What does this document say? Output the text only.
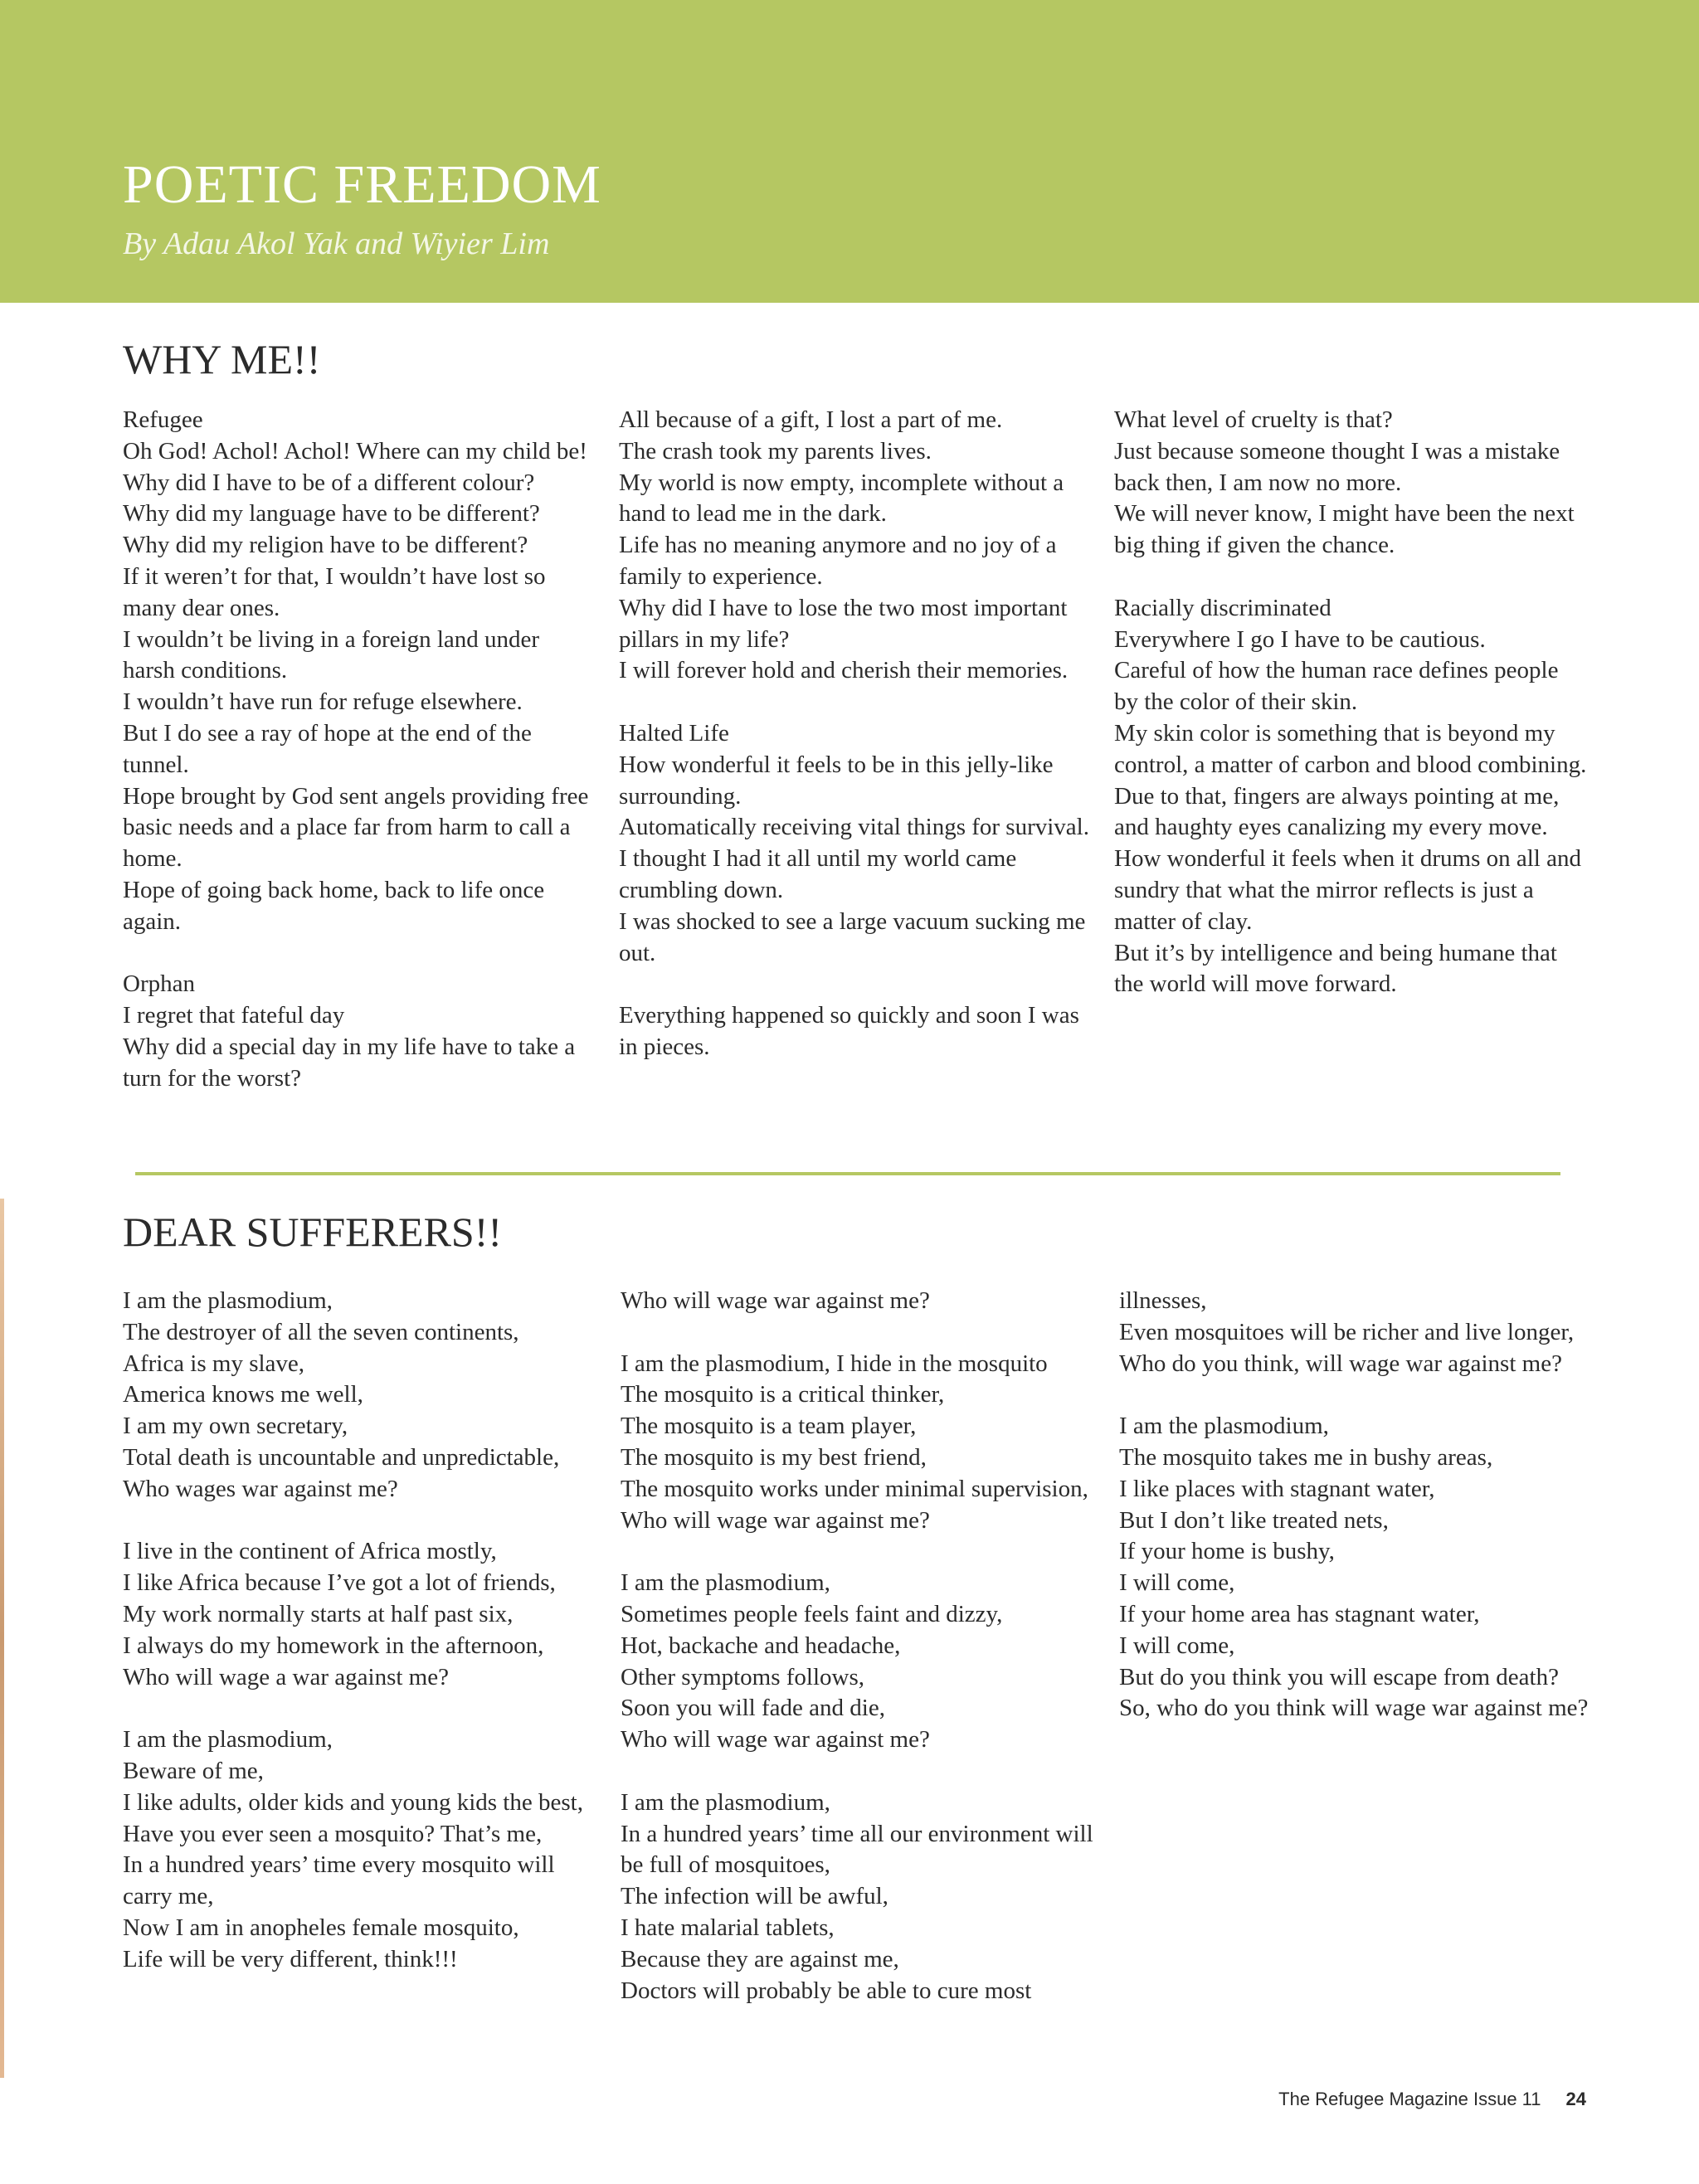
POETIC FREEDOM
By Adau Akol Yak and Wiyier Lim
WHY ME!!

Refugee

Oh God! Achol! Achol! Where can my child be!

Why did I have to be of a different colour?

Why did my language have to be different?

Why did my religion have to be different?

If it weren’t for that, I wouldn’t have lost so many dear ones.

I wouldn’t be living in a foreign land under harsh conditions.

I wouldn’t have run for refuge elsewhere.

But I do see a ray of hope at the end of the tunnel.

Hope brought by God sent angels providing free basic needs and a place far from harm to call a home.

Hope of going back home, back to life once again.

Orphan

I regret that fateful day

Why did a special day in my life have to take a turn for the worst?

All because of a gift, I lost a part of me.

The crash took my parents lives.

My world is now empty, incomplete without a hand to lead me in the dark.

Life has no meaning anymore and no joy of a family to experience.

Why did I have to lose the two most important pillars in my life?

I will forever hold and cherish their memories.

Halted Life

How wonderful it feels to be in this jelly-like surrounding.

Automatically receiving vital things for survival.

I thought I had it all until my world came crumbling down.

I was shocked to see a large vacuum sucking me out.

Everything happened so quickly and soon I was in pieces.

What level of cruelty is that?

Just because someone thought I was a mistake back then, I am now no more.

We will never know, I might have been the next big thing if given the chance.

Racially discriminated

Everywhere I go I have to be cautious.

Careful of how the human race defines people by the color of their skin.

My skin color is something that is beyond my control, a matter of carbon and blood combining.

Due to that, fingers are always pointing at me, and haughty eyes canalizing my every move.

How wonderful it feels when it drums on all and sundry that what the mirror reflects is just a matter of clay.

But it’s by intelligence and being humane that the world will move forward.

DEAR SUFFERERS!!

I am the plasmodium,

The destroyer of all the seven continents,

Africa is my slave,

America knows me well,

I am my own secretary,

Total death is uncountable and unpredictable,

Who wages war against me?

I live in the continent of Africa mostly,

I like Africa because I’ve got a lot of friends,

My work normally starts at half past six,

I always do my homework in the afternoon,

Who will wage a war against me?

I am the plasmodium,

Beware of me,

I like adults, older kids and young kids the best,

Have you ever seen a mosquito? That’s me,

In a hundred years’ time every mosquito will carry me,

Now I am in anopheles female mosquito,

Life will be very different, think!!!

Who will wage war against me?

I am the plasmodium, I hide in the mosquito

The mosquito is a critical thinker,

The mosquito is a team player,

The mosquito is my best friend,

The mosquito works under minimal supervision,

Who will wage war against me?

I am the plasmodium,

Sometimes people feels faint and dizzy,

Hot, backache and headache,

Other symptoms follows,

Soon you will fade and die,

Who will wage war against me?

I am the plasmodium,

In a hundred years’ time all our environment will be full of mosquitoes,

The infection will be awful,

I hate malarial tablets,

Because they are against me,

Doctors will probably be able to cure most

illnesses,

Even mosquitoes will be richer and live longer,

Who do you think, will wage war against me?

I am the plasmodium,

The mosquito takes me in bushy areas,

I like places with stagnant water,

But I don’t like treated nets,

If your home is bushy,

I will come,

If your home area has stagnant water,

I will come,

But do you think you will escape from death?

So, who do you think will wage war against me?

The Refugee Magazine Issue 11 24
